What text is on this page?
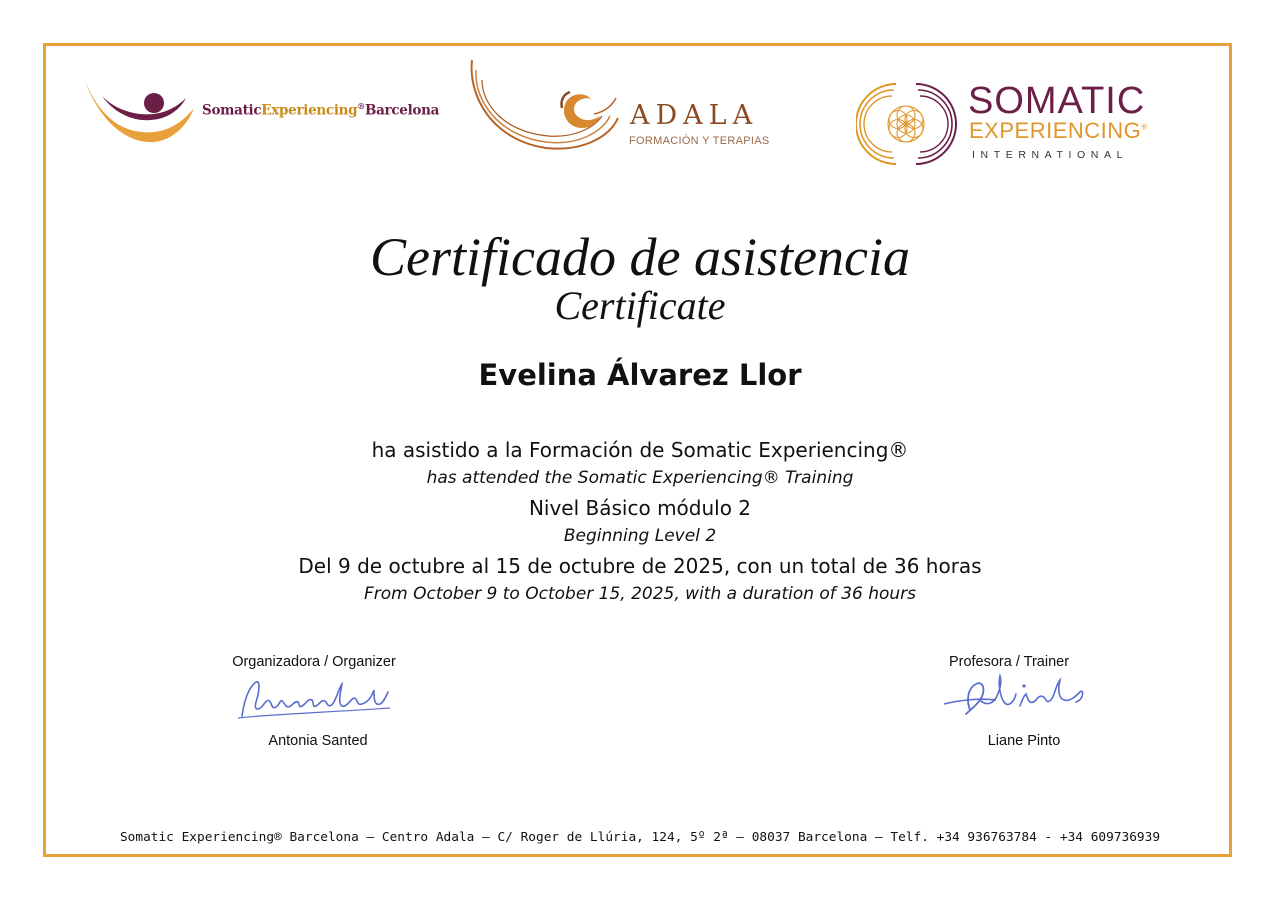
SomaticExperiencing®Barcelona	ADALA
FORMACIÓN Y TERAPIAS
SOMATIC
EXPERIENCING®
INTERNATIONAL
Certificado de asistencia
Certificate
Evelina Álvarez Llor
ha asistido a la Formación de Somatic Experiencing®
has attended the Somatic Experiencing® Training
Nivel Básico módulo 2
Beginning Level 2
Del 9 de octubre al 15 de octubre de 2025, con un total de 36 horas
From October 9 to October 15, 2025, with a duration of 36 hours
Organizadora / Organizer
Antonia Santed
Profesora / Trainer
Liane Pinto
Somatic Experiencing® Barcelona – Centro Adala – C/ Roger de Llúria, 124, 5º 2ª – 08037 Barcelona – Telf. +34 936763784 - +34 609736939
